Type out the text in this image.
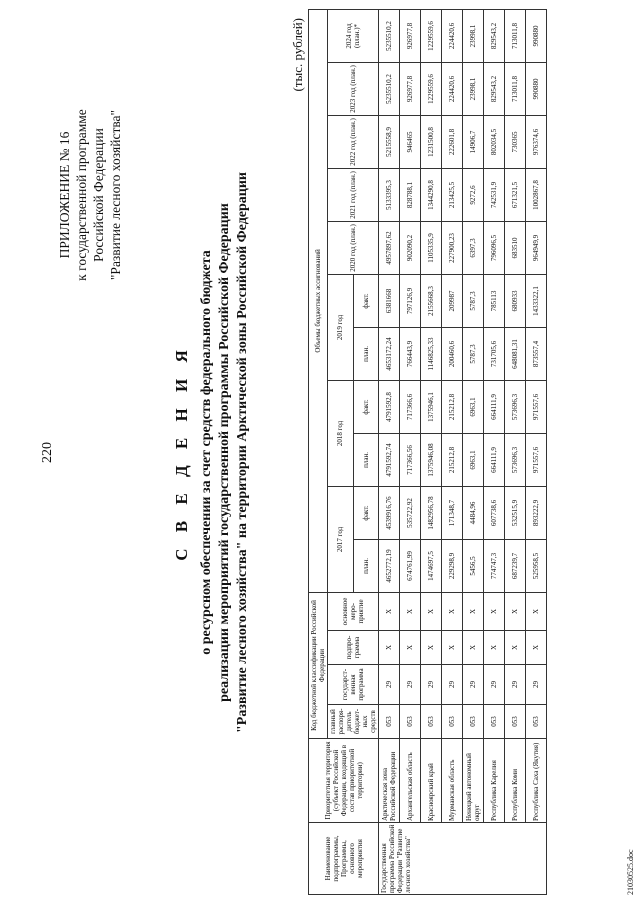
220
ПРИЛОЖЕНИЕ № 16 к государственной программе Российской Федерации "Развитие лесного хозяйства"
С В Е Д Е Н И Я о ресурсном обеспечении за счет средств федерального бюджета реализации мероприятий государственной программы Российской Федерации "Развитие лесного хозяйства" на территории Арктической зоны Российской Федерации
(тыс. рублей)
Наименование подпрограммы, Программы, основного мероприятия	Приоритетная территория (субъект Российской Федерации, входящий в состав приоритетной территории)	Код бюджетной классификации Российской Федерации				Объемы бюджетных ассигнований										
		главный распоря-дитель бюджет-ных средств	государст-венная программа	подпро-грамма	основное меро-приятие	2017 год		2018 год		2019 год		2020 год (план.)	2021 год (план.)	2022 год (план.)	2023 год (план.)	2024 год (план.)*
						план.	факт.	план.	факт.	план.	факт.					
Государственная программа Российской Федерации "Развитие лесного хозяйства"	Арктическая зона Российской Федерации	053	29	X	X	4652772,19	4539916,76	4791592,74	4791592,8	4653172,24	6381668	4957897,62	5133395,3	5215558,9	5235510,2	5235510,2
	Архангельская область	053	29	X	X	674761,99	535722,92	717366,56	717366,6	766443,9	797126,9	902090,2	828788,1	946465	926977,8	926977,8
	Красноярский край	053	29	X	X	1474697,5	1482956,78	1375946,08	1375946,1	1146825,33	2155668,3	1105335,9	1344290,8	1231500,8	1229559,6	1229559,6
	Мурманская область	053	29	X	X	229298,9	171348,7	215212,8	215212,8	200460,6	209987	227900,23	213425,5	222601,8	224420,6	224420,6
	Ненецкий автономный округ	053	29	X	X	5456,5	4484,96	6963,1	6963,1	5787,3	5787,3	6397,3	9272,6	14906,7	23998,1	23998,1
	Республика Карелия	053	29	X	X	774747,3	607738,6	664111,9	664111,9	731705,6	785113	796096,5	742531,9	802034,5	829543,2	829543,2
	Республика Коми	053	29	X	X	687239,7	532515,9	573696,3	573696,3	648081,31	680933	683510	671321,5	730365	713011,8	713011,8
	Республика Саха (Якутия)	053	29	X	X	525958,5	893222,9	971557,6	971557,6	873557,4	1433322,1	964949,9	1002867,8	976374,6	990880	990880
21030525.doc
